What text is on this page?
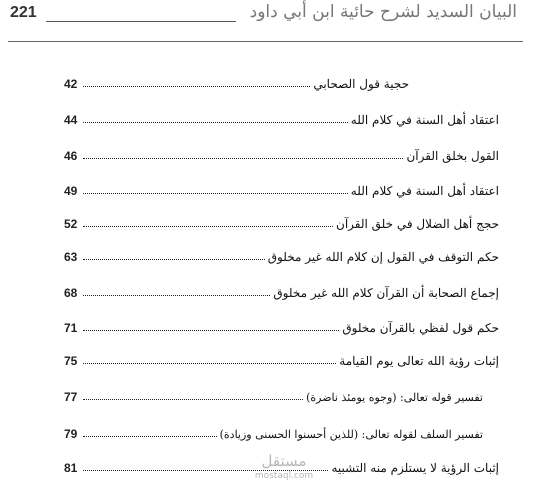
221	البيان السديد لشرح حائية ابن أبي داود
42	حجية قول الصحابي
44	اعتقاد أهل السنة في كلام الله
46	القول بخلق القرآن
49	اعتقاد أهل السنة في كلام الله
52	حجج أهل الضلال في خلق القرآن
63	حكم التوقف في القول إن كلام الله غير مخلوق
68	إجماع الصحابة أن القرآن كلام الله غير مخلوق
71	حكم قول لفظي بالقرآن مخلوق
75	إثبات رؤية الله تعالى يوم القيامة
77	تفسير قوله تعالى: (وجوه يومئذ ناضرة)
79	تفسير السلف لقوله تعالى: (للذين أحسنوا الحسنى وزيادة)
81	إثبات الرؤية لا يستلزم منه التشبيه
مستقل
mostaql.com
